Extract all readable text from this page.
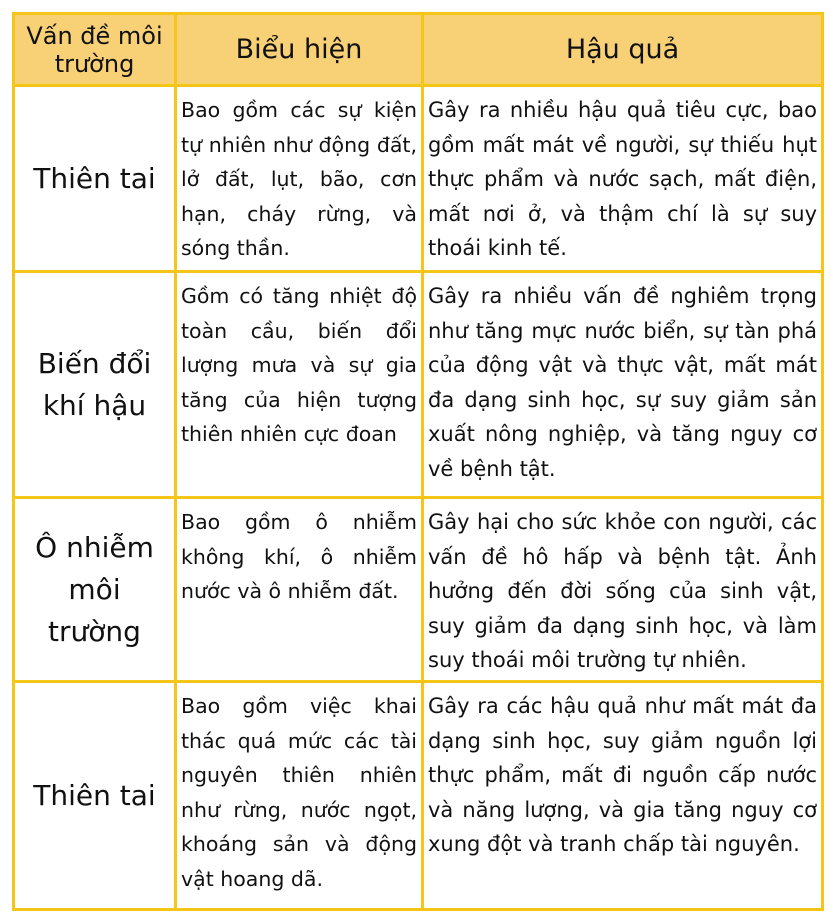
Vấn đề môi trường	Biểu hiện	Hậu quả
Thiên tai	Bao gồm các sự kiện tự nhiên như động đất, lở đất, lụt, bão, cơn hạn, cháy rừng, và sóng thần.	Gây ra nhiều hậu quả tiêu cực, bao gồm mất mát về người, sự thiếu hụt thực phẩm và nước sạch, mất điện, mất nơi ở, và thậm chí là sự suy thoái kinh tế.
Biến đổi khí hậu	Gồm có tăng nhiệt độ toàn cầu, biến đổi lượng mưa và sự gia tăng của hiện tượng thiên nhiên cực đoan	Gây ra nhiều vấn đề nghiêm trọng như tăng mực nước biển, sự tàn phá của động vật và thực vật, mất mát đa dạng sinh học, sự suy giảm sản xuất nông nghiệp, và tăng nguy cơ về bệnh tật.
Ô nhiễm môi trường	Bao gồm ô nhiễm không khí, ô nhiễm nước và ô nhiễm đất.	Gây hại cho sức khỏe con người, các vấn đề hô hấp và bệnh tật. Ảnh hưởng đến đời sống của sinh vật, suy giảm đa dạng sinh học, và làm suy thoái môi trường tự nhiên.
Thiên tai	Bao gồm việc khai thác quá mức các tài nguyên thiên nhiên như rừng, nước ngọt, khoáng sản và động vật hoang dã.	Gây ra các hậu quả như mất mát đa dạng sinh học, suy giảm nguồn lợi thực phẩm, mất đi nguồn cấp nước và năng lượng, và gia tăng nguy cơ xung đột và tranh chấp tài nguyên.
